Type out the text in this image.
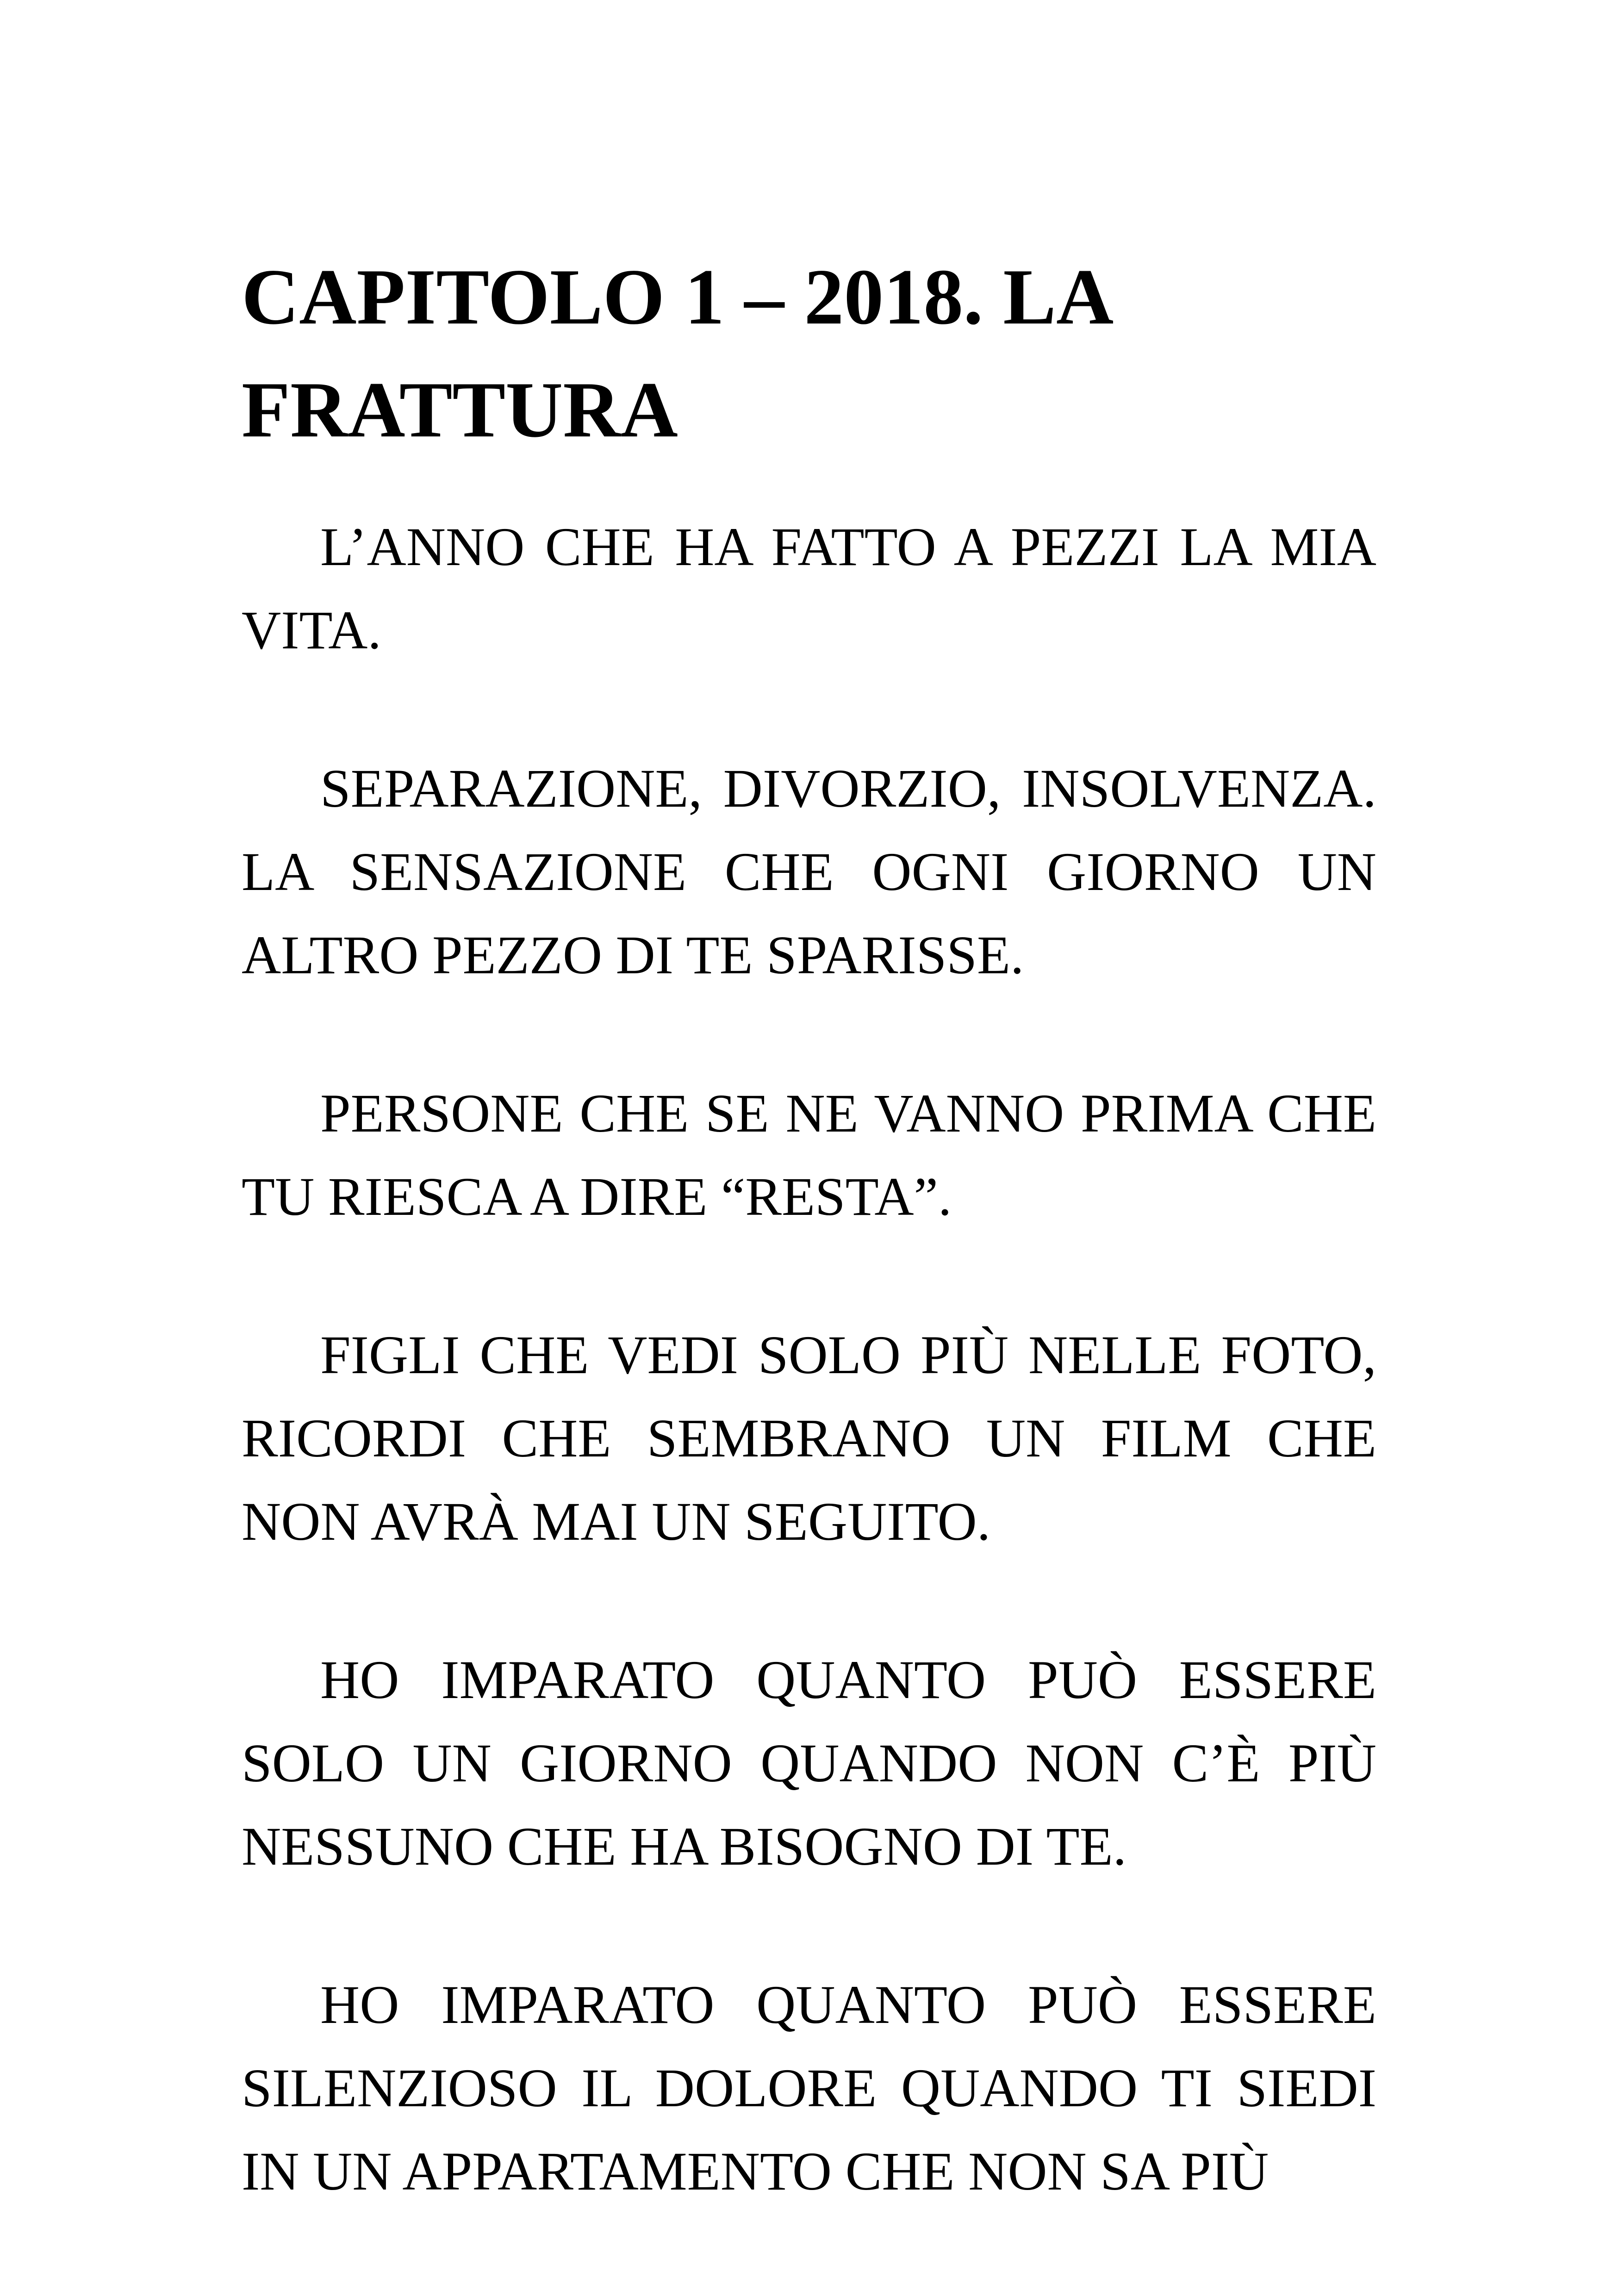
CAPITOLO 1 – 2018. LA FRATTURA

L’ANNO CHE HA FATTO A PEZZI LA MIA VITA.

SEPARAZIONE, DIVORZIO, INSOLVENZA. LA SENSAZIONE CHE OGNI GIORNO UN ALTRO PEZZO DI TE SPARISSE.

PERSONE CHE SE NE VANNO PRIMA CHE TU RIESCA A DIRE “RESTA”.

FIGLI CHE VEDI SOLO PIÙ NELLE FOTO, RICORDI CHE SEMBRANO UN FILM CHE NON AVRÀ MAI UN SEGUITO.

HO IMPARATO QUANTO PUÒ ESSERE SOLO UN GIORNO QUANDO NON C’È PIÙ NESSUNO CHE HA BISOGNO DI TE.

HO IMPARATO QUANTO PUÒ ESSERE SILENZIOSO IL DOLORE QUANDO TI SIEDI IN UN APPARTAMENTO CHE NON SA PIÙ
